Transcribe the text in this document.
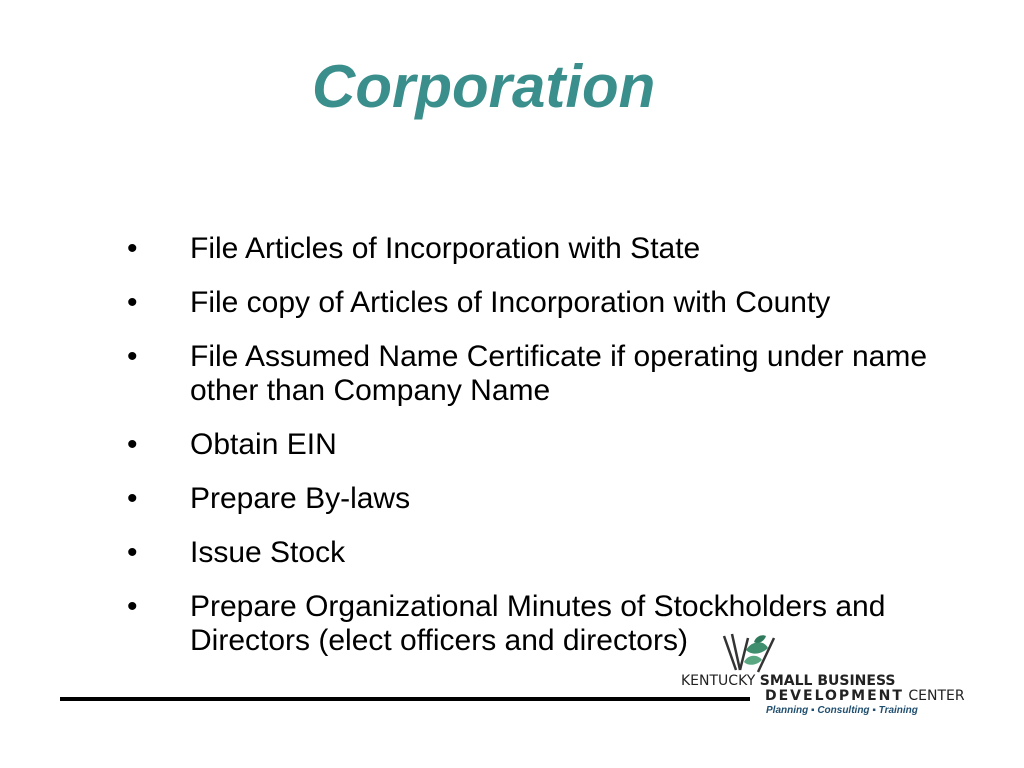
Corporation
•	File Articles of Incorporation with State
•	File copy of Articles of Incorporation with County
•	File Assumed Name Certificate if operating under name other than Company Name
•	Obtain EIN
•	Prepare By-laws
•	Issue Stock
•	Prepare Organizational Minutes of Stockholders and Directors (elect officers and directors)
KENTUCKY SMALL BUSINESS
DEVELOPMENT CENTER
Planning ▪ Consulting ▪ Training
